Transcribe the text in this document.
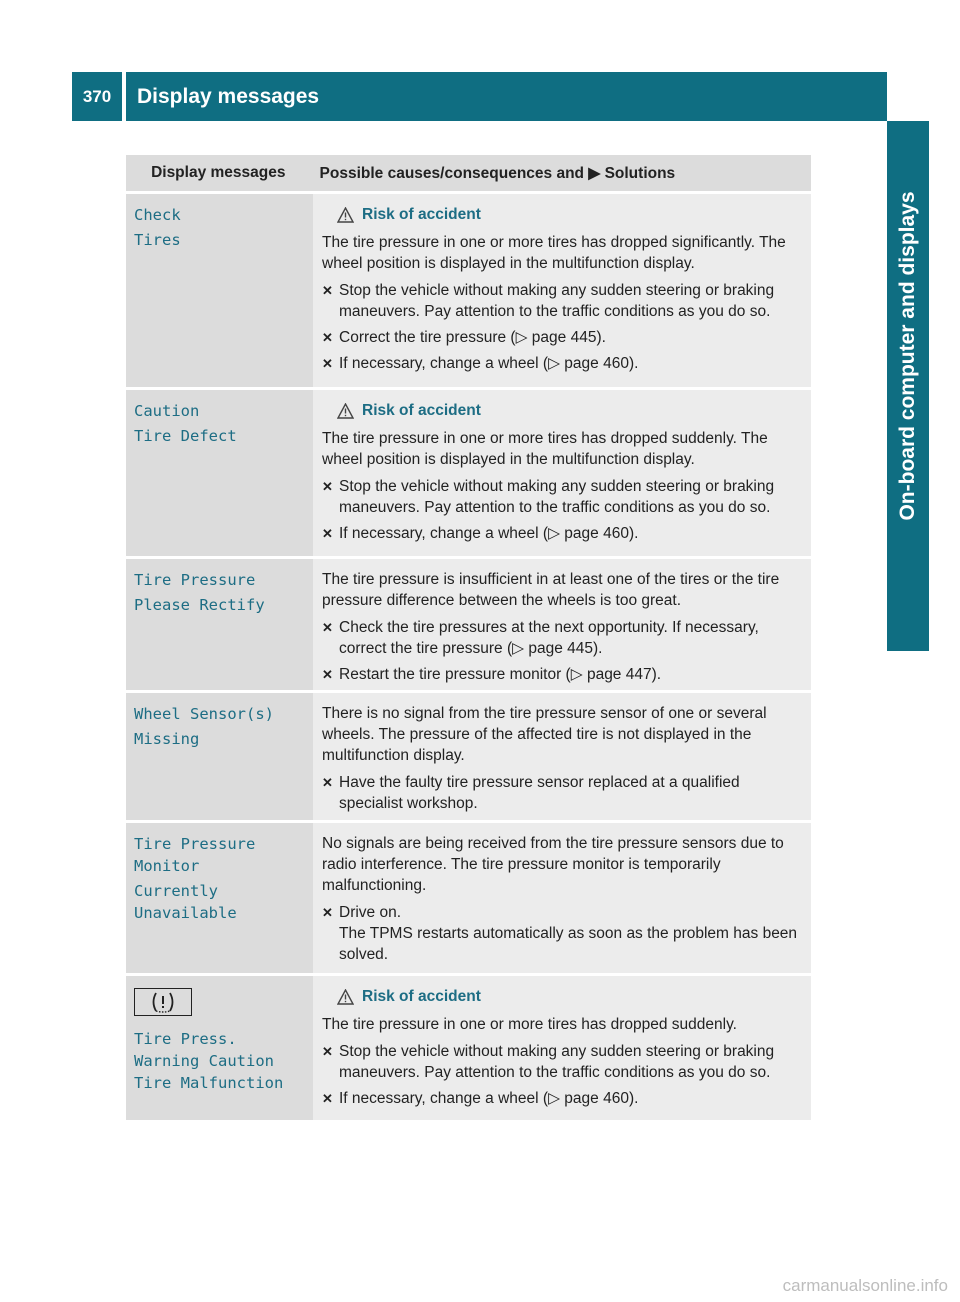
370	Display messages
On-board computer and displays
Display messages	Possible causes/consequences and ▶ Solutions
Check
Tires
Risk of accident

The tire pressure in one or more tires has dropped significantly. The wheel position is displayed in the multifunction display.

✕ Stop the vehicle without making any sudden steering or braking maneuvers. Pay attention to the traffic conditions as you do so.
✕ Correct the tire pressure (▷ page 445).
✕ If necessary, change a wheel (▷ page 460).
Caution
Tire Defect
Risk of accident

The tire pressure in one or more tires has dropped suddenly. The wheel position is displayed in the multifunction display.

✕ Stop the vehicle without making any sudden steering or braking maneuvers. Pay attention to the traffic conditions as you do so.
✕ If necessary, change a wheel (▷ page 460).
Tire Pressure
Please Rectify

The tire pressure is insufficient in at least one of the tires or the tire pressure difference between the wheels is too great.

✕ Check the tire pressures at the next opportunity. If necessary, correct the tire pressure (▷ page 445).
✕ Restart the tire pressure monitor (▷ page 447).
Wheel Sensor(s)
Missing

There is no signal from the tire pressure sensor of one or several wheels. The pressure of the affected tire is not displayed in the multifunction display.

✕ Have the faulty tire pressure sensor replaced at a qualified specialist workshop.
Tire Pressure
Monitor
Currently
Unavailable

No signals are being received from the tire pressure sensors due to radio interference. The tire pressure monitor is temporarily malfunctioning.

✕ Drive on.
The TPMS restarts automatically as soon as the problem has been solved.
Tire Press.
Warning Caution
Tire Malfunction
Risk of accident

The tire pressure in one or more tires has dropped suddenly.

✕ Stop the vehicle without making any sudden steering or braking maneuvers. Pay attention to the traffic conditions as you do so.
✕ If necessary, change a wheel (▷ page 460).
carmanualsonline.info
